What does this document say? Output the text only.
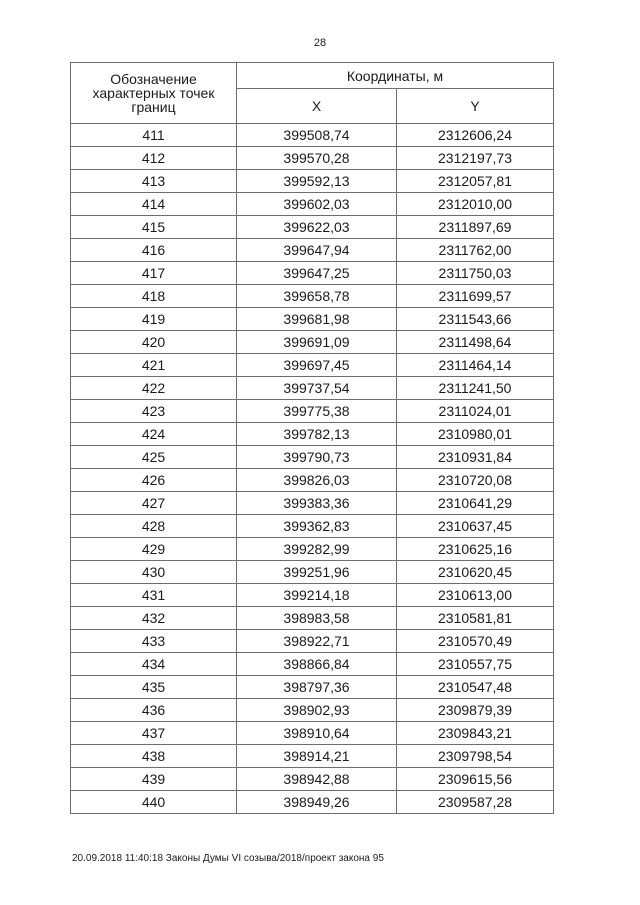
28
Обозначение характерных точек границ	Координаты, м	
	X	Y
411	399508,74	2312606,24
412	399570,28	2312197,73
413	399592,13	2312057,81
414	399602,03	2312010,00
415	399622,03	2311897,69
416	399647,94	2311762,00
417	399647,25	2311750,03
418	399658,78	2311699,57
419	399681,98	2311543,66
420	399691,09	2311498,64
421	399697,45	2311464,14
422	399737,54	2311241,50
423	399775,38	2311024,01
424	399782,13	2310980,01
425	399790,73	2310931,84
426	399826,03	2310720,08
427	399383,36	2310641,29
428	399362,83	2310637,45
429	399282,99	2310625,16
430	399251,96	2310620,45
431	399214,18	2310613,00
432	398983,58	2310581,81
433	398922,71	2310570,49
434	398866,84	2310557,75
435	398797,36	2310547,48
436	398902,93	2309879,39
437	398910,64	2309843,21
438	398914,21	2309798,54
439	398942,88	2309615,56
440	398949,26	2309587,28
20.09.2018 11:40:18 Законы Думы VI созыва/2018/проект закона 95
